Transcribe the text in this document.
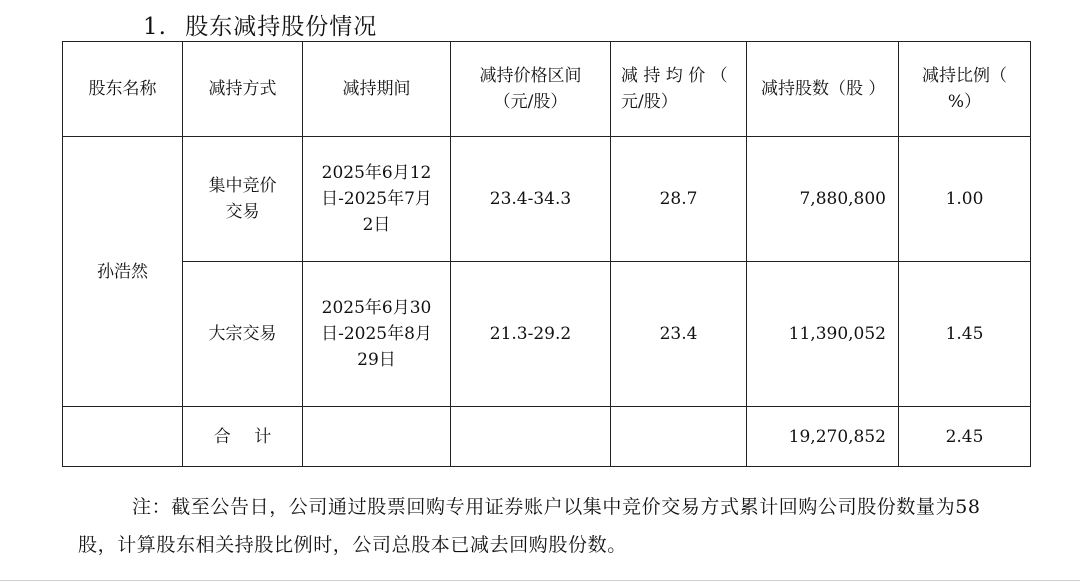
1. 股东减持股份情况
股东名称	减持方式	减持期间	减持价格区间（元/股）	减 持 均 价 （ 元/股）	减持股数（股 ）	减持比例（ %）
孙浩然	集中竞价交易	2025年6月12日-2025年7月2日	23.4-34.3	28.7	7,880,800	1.00
	大宗交易	2025年6月30日-2025年8月29日	21.3-29.2	23.4	11,390,052	1.45
	合 计				19,270,852	2.45
注：截至公告日，公司通过股票回购专用证券账户以集中竞价交易方式累计回购公司股份数量为58股，计算股东相关持股比例时，公司总股本已减去回购股份数。
